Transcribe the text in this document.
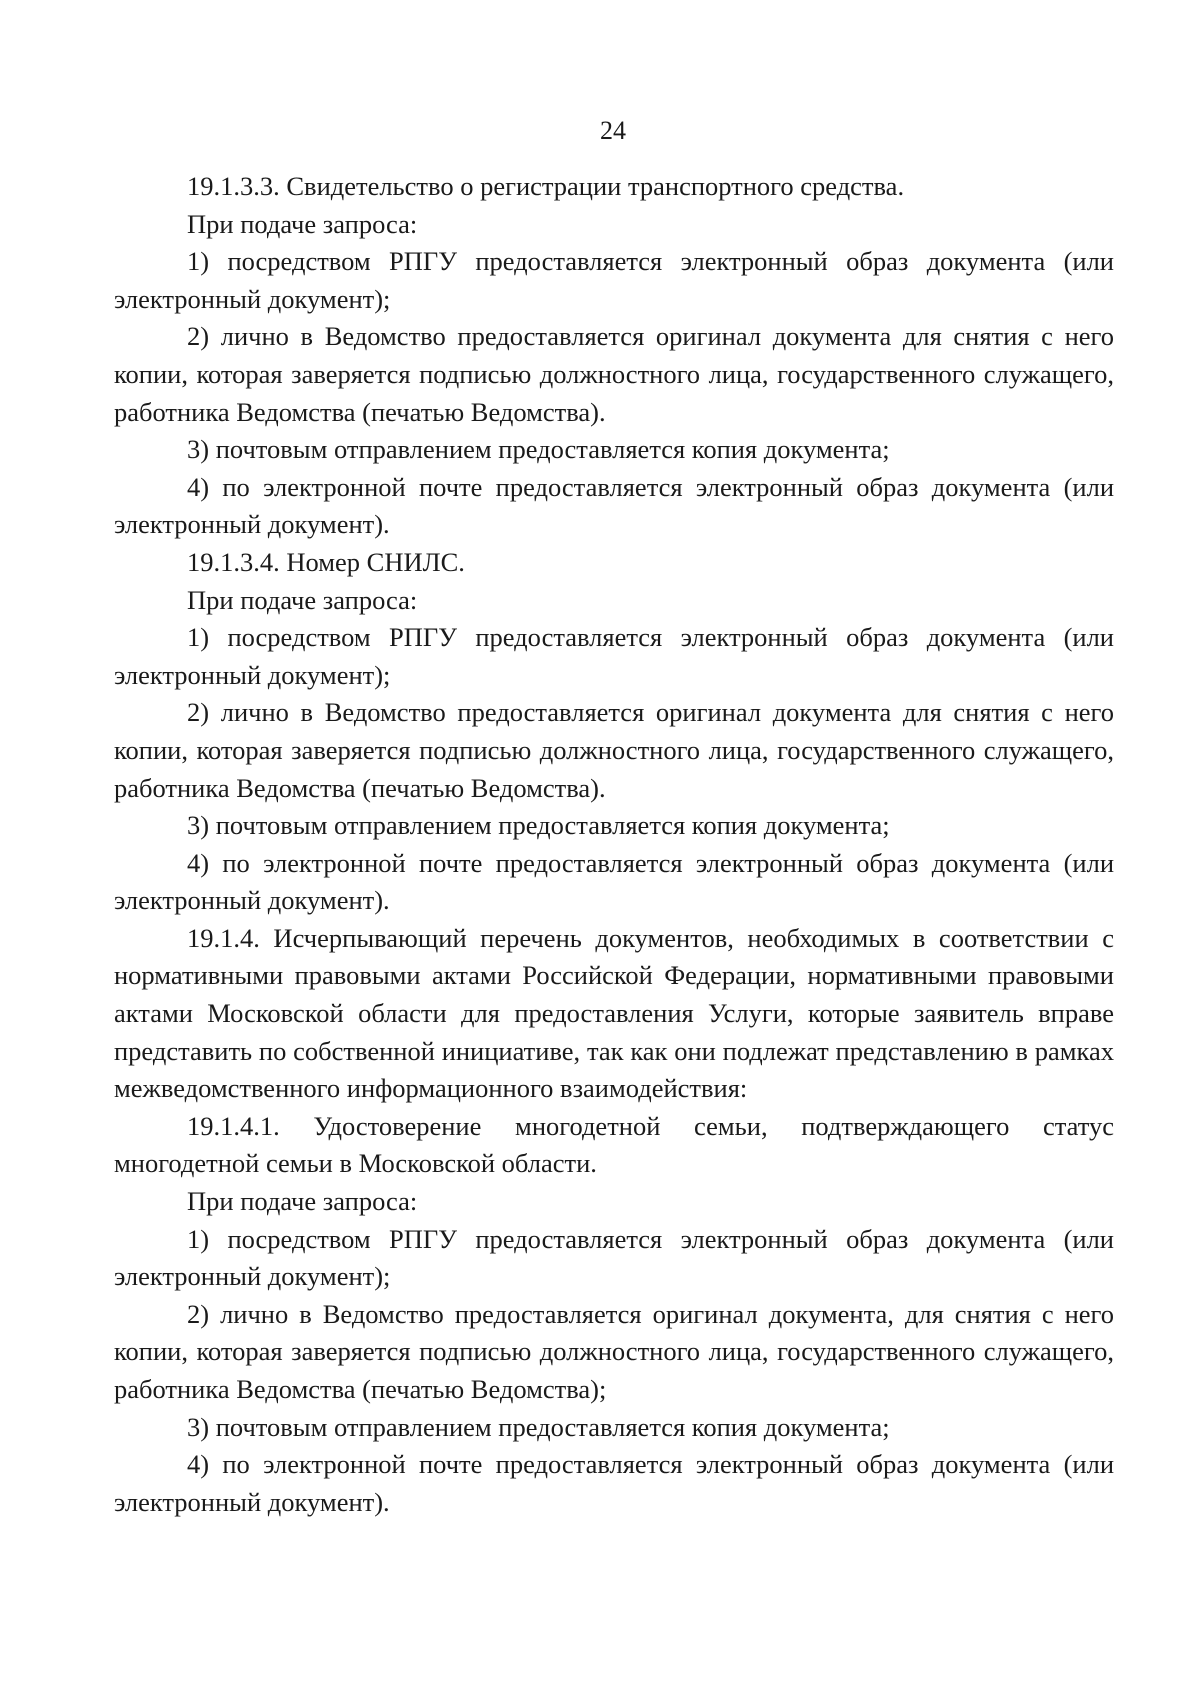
24

19.1.3.3. Свидетельство о регистрации транспортного средства.

При подаче запроса:

1) посредством РПГУ предоставляется электронный образ документа (или электронный документ);

2) лично в Ведомство предоставляется оригинал документа для снятия с него копии, которая заверяется подписью должностного лица, государственного служащего, работника Ведомства (печатью Ведомства).

3) почтовым отправлением предоставляется копия документа;

4) по электронной почте предоставляется электронный образ документа (или электронный документ).

19.1.3.4. Номер СНИЛС.

При подаче запроса:

1) посредством РПГУ предоставляется электронный образ документа (или электронный документ);

2) лично в Ведомство предоставляется оригинал документа для снятия с него копии, которая заверяется подписью должностного лица, государственного служащего, работника Ведомства (печатью Ведомства).

3) почтовым отправлением предоставляется копия документа;

4) по электронной почте предоставляется электронный образ документа (или электронный документ).

19.1.4. Исчерпывающий перечень документов, необходимых в соответствии с нормативными правовыми актами Российской Федерации, нормативными правовыми актами Московской области для предоставления Услуги, которые заявитель вправе представить по собственной инициативе, так как они подлежат представлению в рамках межведомственного информационного взаимодействия:

19.1.4.1. Удостоверение многодетной семьи, подтверждающего статус многодетной семьи в Московской области.

При подаче запроса:

1) посредством РПГУ предоставляется электронный образ документа (или электронный документ);

2) лично в Ведомство предоставляется оригинал документа, для снятия с него копии, которая заверяется подписью должностного лица, государственного служащего, работника Ведомства (печатью Ведомства);

3) почтовым отправлением предоставляется копия документа;

4) по электронной почте предоставляется электронный образ документа (или электронный документ).
